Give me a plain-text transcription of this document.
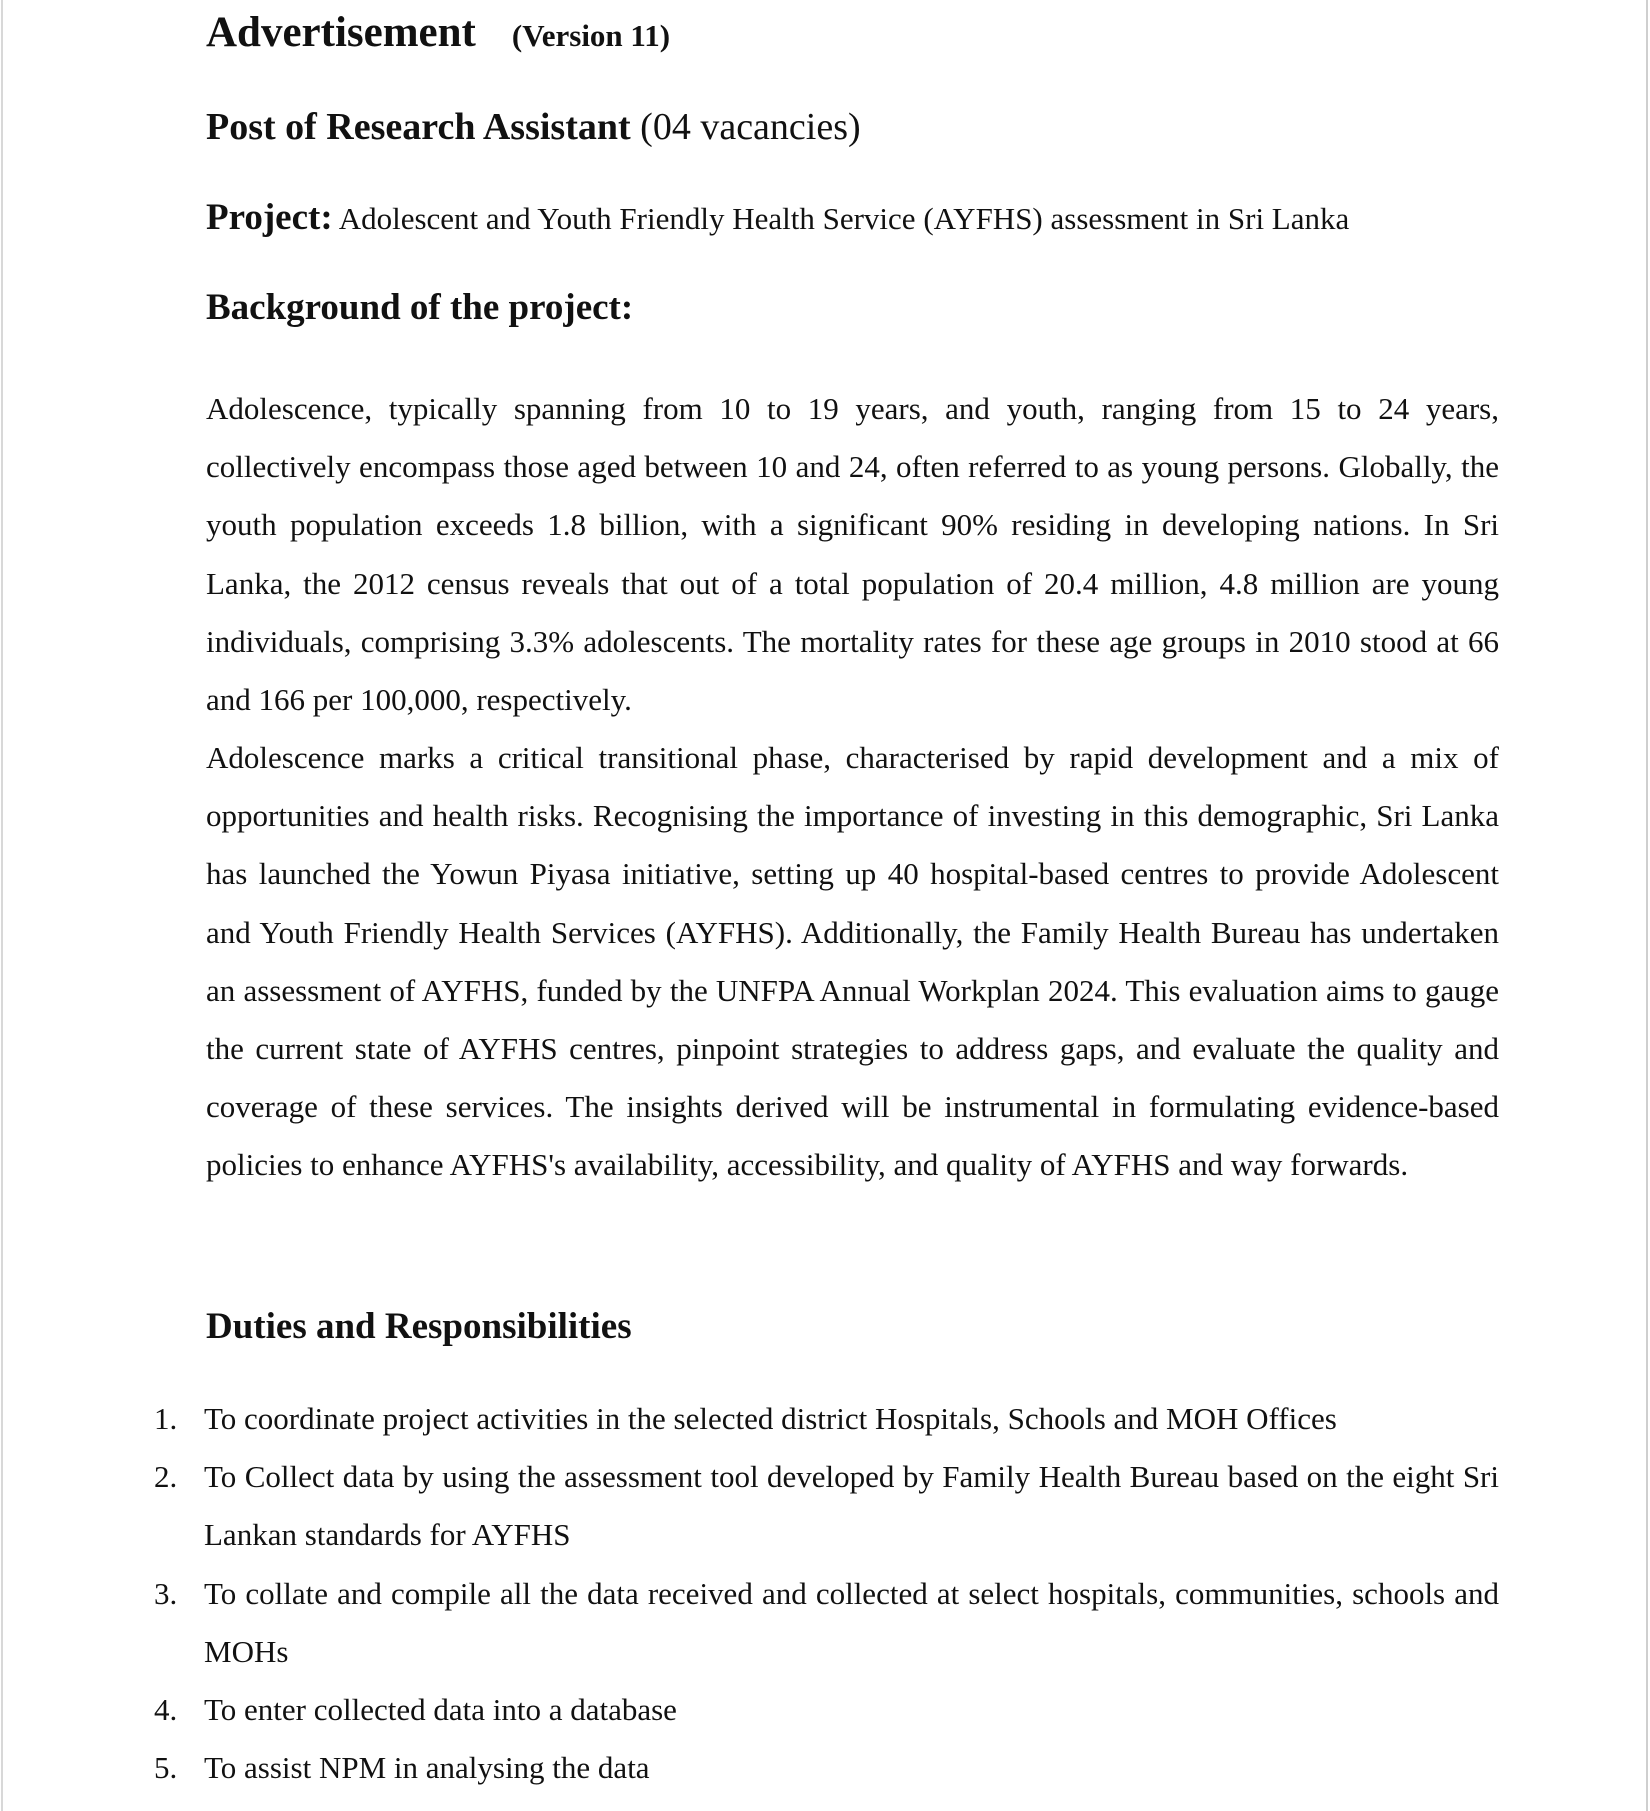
Advertisement (Version 11)
Post of Research Assistant (04 vacancies)
Project: Adolescent and Youth Friendly Health Service (AYFHS) assessment in Sri Lanka
Background of the project:

Adolescence, typically spanning from 10 to 19 years, and youth, ranging from 15 to 24 years, collectively encompass those aged between 10 and 24, often referred to as young persons. Globally, the youth population exceeds 1.8 billion, with a significant 90% residing in developing nations. In Sri Lanka, the 2012 census reveals that out of a total population of 20.4 million, 4.8 million are young individuals, comprising 3.3% adolescents. The mortality rates for these age groups in 2010 stood at 66 and 166 per 100,000, respectively.

Adolescence marks a critical transitional phase, characterised by rapid development and a mix of opportunities and health risks. Recognising the importance of investing in this demographic, Sri Lanka has launched the Yowun Piyasa initiative, setting up 40 hospital-based centres to provide Adolescent and Youth Friendly Health Services (AYFHS). Additionally, the Family Health Bureau has undertaken an assessment of AYFHS, funded by the UNFPA Annual Workplan 2024. This evaluation aims to gauge the current state of AYFHS centres, pinpoint strategies to address gaps, and evaluate the quality and coverage of these services. The insights derived will be instrumental in formulating evidence-based policies to enhance AYFHS's availability, accessibility, and quality of AYFHS and way forwards.

Duties and Responsibilities
1. To coordinate project activities in the selected district Hospitals, Schools and MOH Offices
2. To Collect data by using the assessment tool developed by Family Health Bureau based on the eight Sri Lankan standards for AYFHS
3. To collate and compile all the data received and collected at select hospitals, communities, schools and MOHs
4. To enter collected data into a database
5. To assist NPM in analysing the data
